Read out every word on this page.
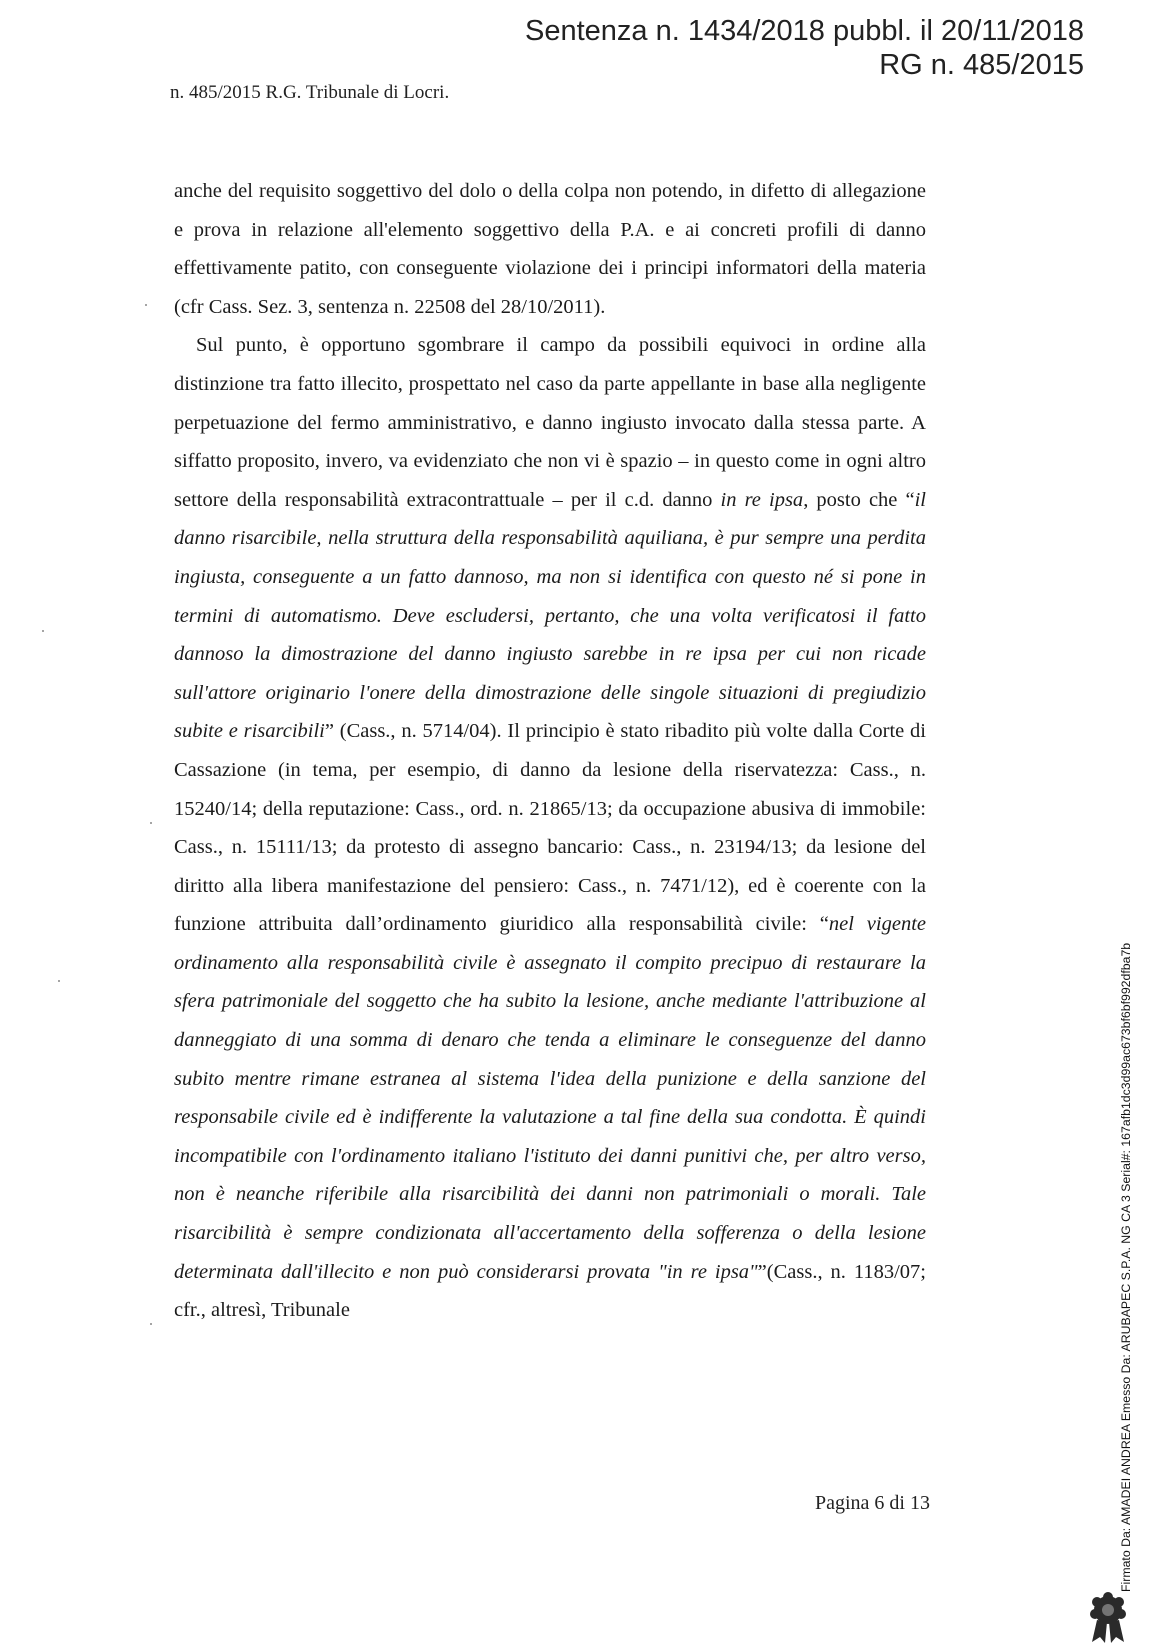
Sentenza n. 1434/2018 pubbl. il 20/11/2018
RG n. 485/2015
n. 485/2015 R.G. Tribunale di Locri.

anche del requisito soggettivo del dolo o della colpa non potendo, in difetto di allegazione e prova in relazione all'elemento soggettivo della P.A. e ai concreti profili di danno effettivamente patito, con conseguente violazione dei i principi informatori della materia (cfr Cass. Sez. 3, sentenza n. 22508 del 28/10/2011).

Sul punto, è opportuno sgombrare il campo da possibili equivoci in ordine alla distinzione tra fatto illecito, prospettato nel caso da parte appellante in base alla negligente perpetuazione del fermo amministrativo, e danno ingiusto invocato dalla stessa parte. A siffatto proposito, invero, va evidenziato che non vi è spazio – in questo come in ogni altro settore della responsabilità extracontrattuale – per il c.d. danno in re ipsa, posto che “il danno risarcibile, nella struttura della responsabilità aquiliana, è pur sempre una perdita ingiusta, conseguente a un fatto dannoso, ma non si identifica con questo né si pone in termini di automatismo. Deve escludersi, pertanto, che una volta verificatosi il fatto dannoso la dimostrazione del danno ingiusto sarebbe in re ipsa per cui non ricade sull'attore originario l'onere della dimostrazione delle singole situazioni di pregiudizio subite e risarcibili” (Cass., n. 5714/04). Il principio è stato ribadito più volte dalla Corte di Cassazione (in tema, per esempio, di danno da lesione della riservatezza: Cass., n. 15240/14; della reputazione: Cass., ord. n. 21865/13; da occupazione abusiva di immobile: Cass., n. 15111/13; da protesto di assegno bancario: Cass., n. 23194/13; da lesione del diritto alla libera manifestazione del pensiero: Cass., n. 7471/12), ed è coerente con la funzione attribuita dall’ordinamento giuridico alla responsabilità civile: “nel vigente ordinamento alla responsabilità civile è assegnato il compito precipuo di restaurare la sfera patrimoniale del soggetto che ha subito la lesione, anche mediante l'attribuzione al danneggiato di una somma di denaro che tenda a eliminare le conseguenze del danno subito mentre rimane estranea al sistema l'idea della punizione e della sanzione del responsabile civile ed è indifferente la valutazione a tal fine della sua condotta. È quindi incompatibile con l'ordinamento italiano l'istituto dei danni punitivi che, per altro verso, non è neanche riferibile alla risarcibilità dei danni non patrimoniali o morali. Tale risarcibilità è sempre condizionata all'accertamento della sofferenza o della lesione determinata dall'illecito e non può considerarsi provata "in re ipsa"”(Cass., n. 1183/07; cfr., altresì, Tribunale

Pagina 6 di 13	Firmato Da: AMADEI ANDREA Emesso Da: ARUBAPEC S.P.A. NG CA 3 Serial#: 167afb1dc3d99ac673bf6bf992dfba7b
